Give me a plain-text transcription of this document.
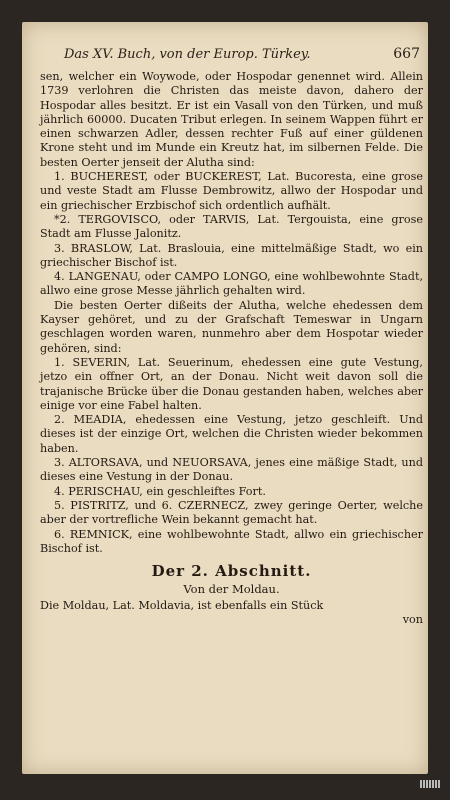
Das XV. Buch, von der Europ. Türkey.	667

sen, welcher ein Woywode, oder Hospodar genennet wird. Allein 1739 verlohren die Christen das meiste davon, dahero der Hospodar alles besitzt. Er ist ein Vasall von den Türken, und muß jährlich 60000. Ducaten Tribut erlegen. In seinem Wappen führt er einen schwarzen Adler, dessen rechter Fuß auf einer güldenen Krone steht und im Munde ein Kreutz hat, im silbernen Felde. Die besten Oerter jenseit der Alutha sind:

1. BUCHEREST, oder BUCKEREST, Lat. Bucoresta, eine grose und veste Stadt am Flusse Dembrowitz, allwo der Hospodar und ein griechischer Erzbischof sich ordentlich aufhält.

*2. TERGOVISCO, oder TARVIS, Lat. Tergouista, eine grose Stadt am Flusse Jalonitz.

3. BRASLOW, Lat. Braslouia, eine mittelmäßige Stadt, wo ein griechischer Bischof ist.

4. LANGENAU, oder CAMPO LONGO, eine wohlbewohnte Stadt, allwo eine grose Messe jährlich gehalten wird.

Die besten Oerter dißeits der Alutha, welche ehedessen dem Kayser gehöret, und zu der Grafschaft Temeswar in Ungarn geschlagen worden waren, nunmehro aber dem Hospotar wieder gehören, sind:

1. SEVERIN, Lat. Seuerinum, ehedessen eine gute Vestung, jetzo ein offner Ort, an der Donau. Nicht weit davon soll die trajanische Brücke über die Donau gestanden haben, welches aber einige vor eine Fabel halten.

2. MEADIA, ehedessen eine Vestung, jetzo geschleift. Und dieses ist der einzige Ort, welchen die Christen wieder bekommen haben.

3. ALTORSAVA, und NEUORSAVA, jenes eine mäßige Stadt, und dieses eine Vestung in der Donau.

4. PERISCHAU, ein geschleiftes Fort.

5. PISTRITZ, und 6. CZERNECZ, zwey geringe Oerter, welche aber der vortrefliche Wein bekannt gemacht hat.

6. REMNICK, eine wohlbewohnte Stadt, allwo ein griechischer Bischof ist.

Der 2. Abschnitt.
Von der Moldau.

Die Moldau, Lat. Moldavia, ist ebenfalls ein Stück

von
